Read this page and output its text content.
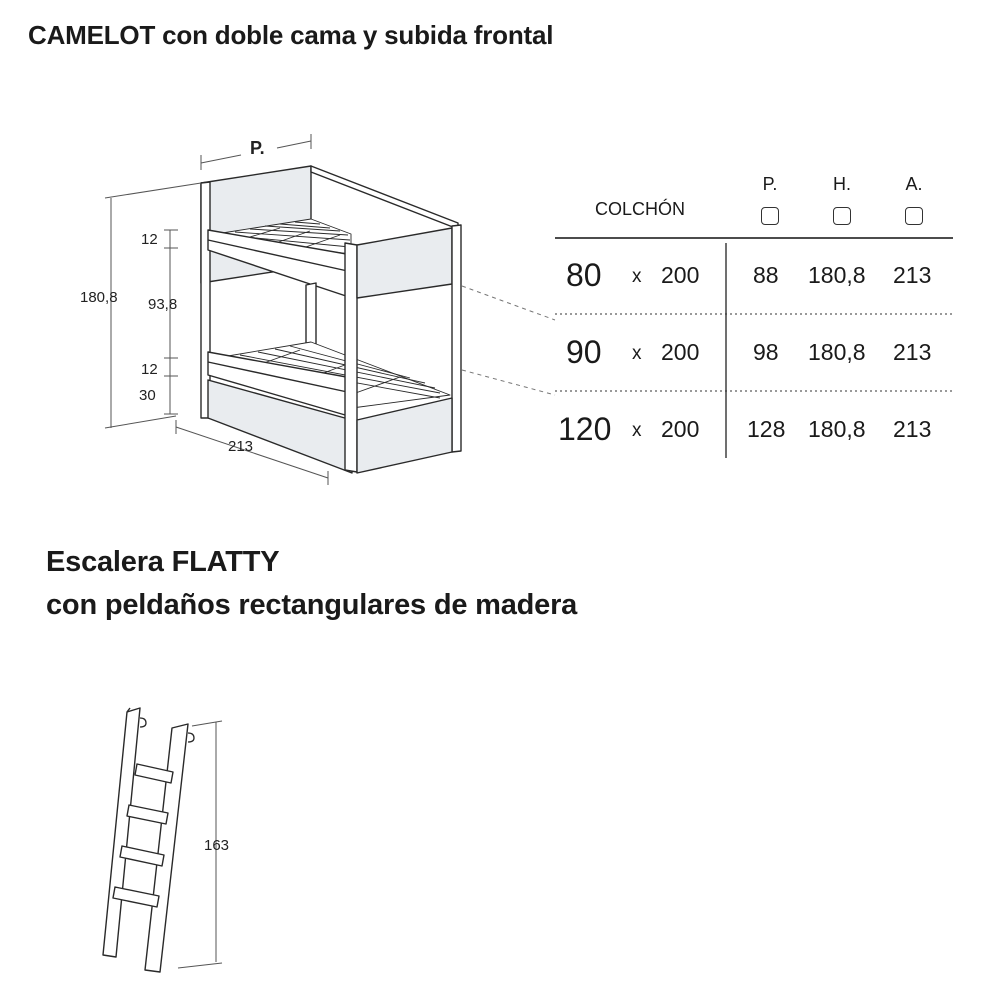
CAMELOT con doble cama y subida frontal
Escalera FLATTY
con peldaños rectangulares de madera
P.
180,8
12
93,8
12
30
213
163
COLCHÓN
P.	H.	A.
80 x 200 88 180,8 213
90 x 200 98 180,8 213
120 x 200 128 180,8 213
